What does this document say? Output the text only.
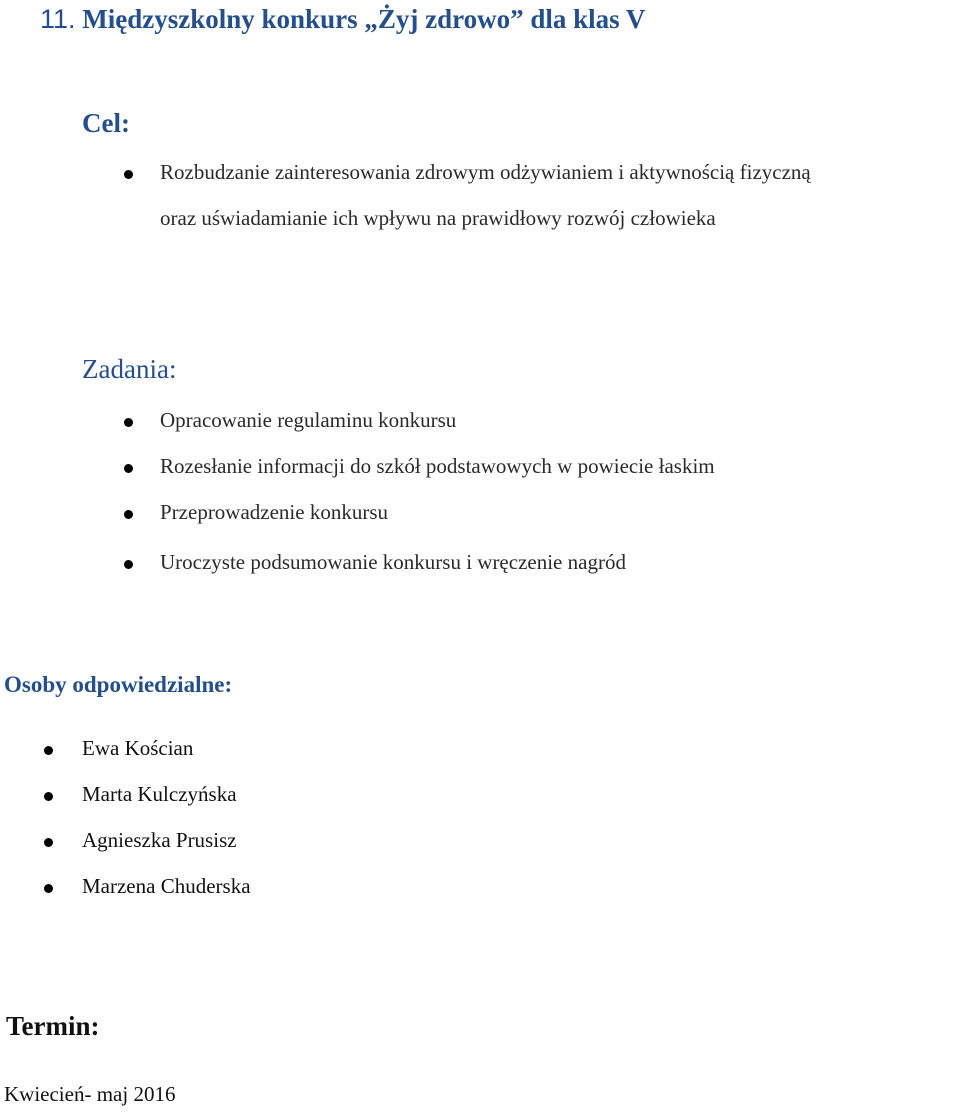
11. Międzyszkolny konkurs „Żyj zdrowo” dla klas V
Cel:
Rozbudzanie zainteresowania zdrowym odżywianiem i aktywnością fizyczną
oraz uświadamianie ich wpływu na prawidłowy rozwój człowieka
Zadania:
Opracowanie regulaminu konkursu
Rozesłanie informacji do szkół podstawowych w powiecie łaskim
Przeprowadzenie konkursu
Uroczyste podsumowanie konkursu i wręczenie nagród
Osoby odpowiedzialne:
Ewa Kościan
Marta Kulczyńska
Agnieszka Prusisz
Marzena Chuderska
Termin:
Kwiecień- maj 2016
